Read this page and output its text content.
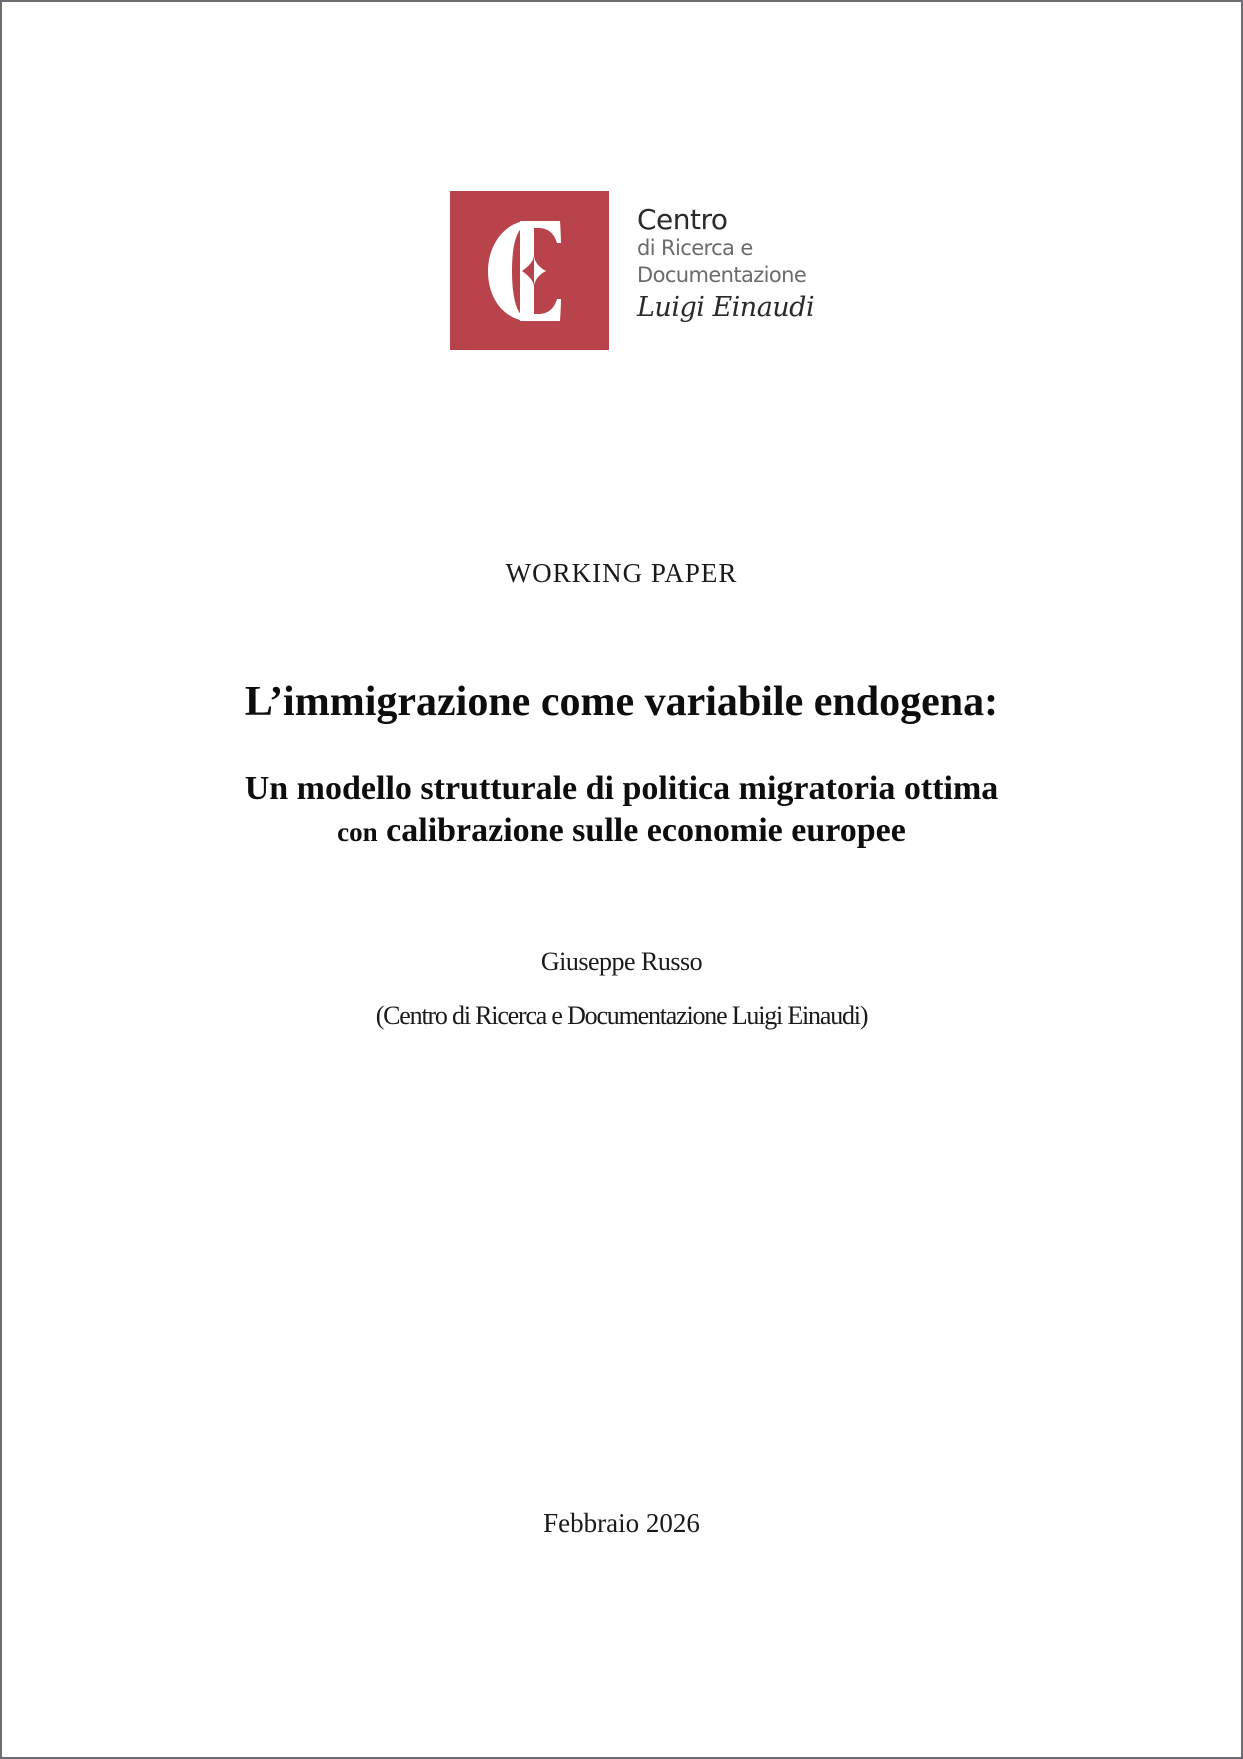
Centro
di Ricerca e
Documentazione
Luigi Einaudi
WORKING PAPER
L’immigrazione come variabile endogena:
Un modello strutturale di politica migratoria ottima
con calibrazione sulle economie europee
Giuseppe Russo
(Centro di Ricerca e Documentazione Luigi Einaudi)
Febbraio 2026
